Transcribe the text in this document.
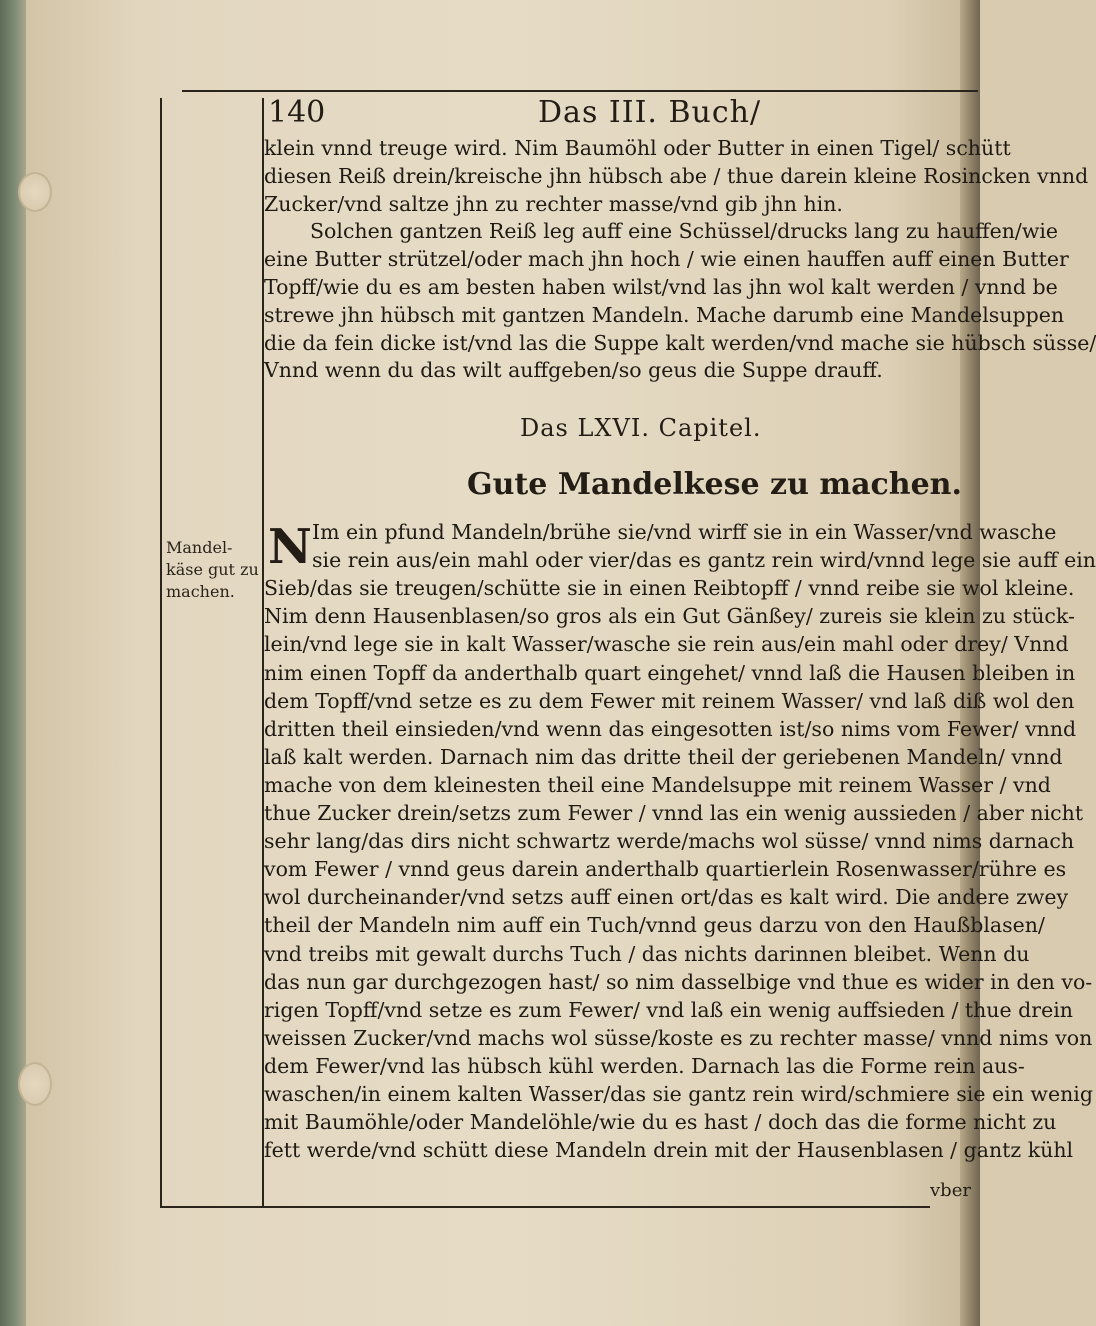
140	Das III. Buch/
klein vnnd treuge wird. Nim Baumöhl oder Butter in einen Tigel/ schütt
diesen Reiß drein/kreische jhn hübsch abe / thue darein kleine Rosincken vnnd
Zucker/vnd saltze jhn zu rechter masse/vnd gib jhn hin.
Solchen gantzen Reiß leg auff eine Schüssel/drucks lang zu hauffen/wie
eine Butter strützel/oder mach jhn hoch / wie einen hauffen auff einen Butter
Topff/wie du es am besten haben wilst/vnd las jhn wol kalt werden / vnnd be
strewe jhn hübsch mit gantzen Mandeln. Mache darumb eine Mandelsuppen
die da fein dicke ist/vnd las die Suppe kalt werden/vnd mache sie hübsch süsse/
Vnnd wenn du das wilt auffgeben/so geus die Suppe drauff.
Das LXVI. Capitel.
Gute Mandelkese zu machen.
Mandel-
käse gut zu
machen.
N Im ein pfund Mandeln/brühe sie/vnd wirff sie in ein Wasser/vnd wasche
sie rein aus/ein mahl oder vier/das es gantz rein wird/vnnd lege sie auff ein
Sieb/das sie treugen/schütte sie in einen Reibtopff / vnnd reibe sie wol kleine.
Nim denn Hausenblasen/so gros als ein Gut Gänßey/ zureis sie klein zu stück-
lein/vnd lege sie in kalt Wasser/wasche sie rein aus/ein mahl oder drey/ Vnnd
nim einen Topff da anderthalb quart eingehet/ vnnd laß die Hausen bleiben in
dem Topff/vnd setze es zu dem Fewer mit reinem Wasser/ vnd laß diß wol den
dritten theil einsieden/vnd wenn das eingesotten ist/so nims vom Fewer/ vnnd
laß kalt werden. Darnach nim das dritte theil der geriebenen Mandeln/ vnnd
mache von dem kleinesten theil eine Mandelsuppe mit reinem Wasser / vnd
thue Zucker drein/setzs zum Fewer / vnnd las ein wenig aussieden / aber nicht
sehr lang/das dirs nicht schwartz werde/machs wol süsse/ vnnd nims darnach
vom Fewer / vnnd geus darein anderthalb quartierlein Rosenwasser/rühre es
wol durcheinander/vnd setzs auff einen ort/das es kalt wird. Die andere zwey
theil der Mandeln nim auff ein Tuch/vnnd geus darzu von den Haußblasen/
vnd treibs mit gewalt durchs Tuch / das nichts darinnen bleibet. Wenn du
das nun gar durchgezogen hast/ so nim dasselbige vnd thue es wider in den vo-
rigen Topff/vnd setze es zum Fewer/ vnd laß ein wenig auffsieden / thue drein
weissen Zucker/vnd machs wol süsse/koste es zu rechter masse/ vnnd nims von
dem Fewer/vnd las hübsch kühl werden. Darnach las die Forme rein aus-
waschen/in einem kalten Wasser/das sie gantz rein wird/schmiere sie ein wenig
mit Baumöhle/oder Mandelöhle/wie du es hast / doch das die forme nicht zu
fett werde/vnd schütt diese Mandeln drein mit der Hausenblasen / gantz kühl
vber
